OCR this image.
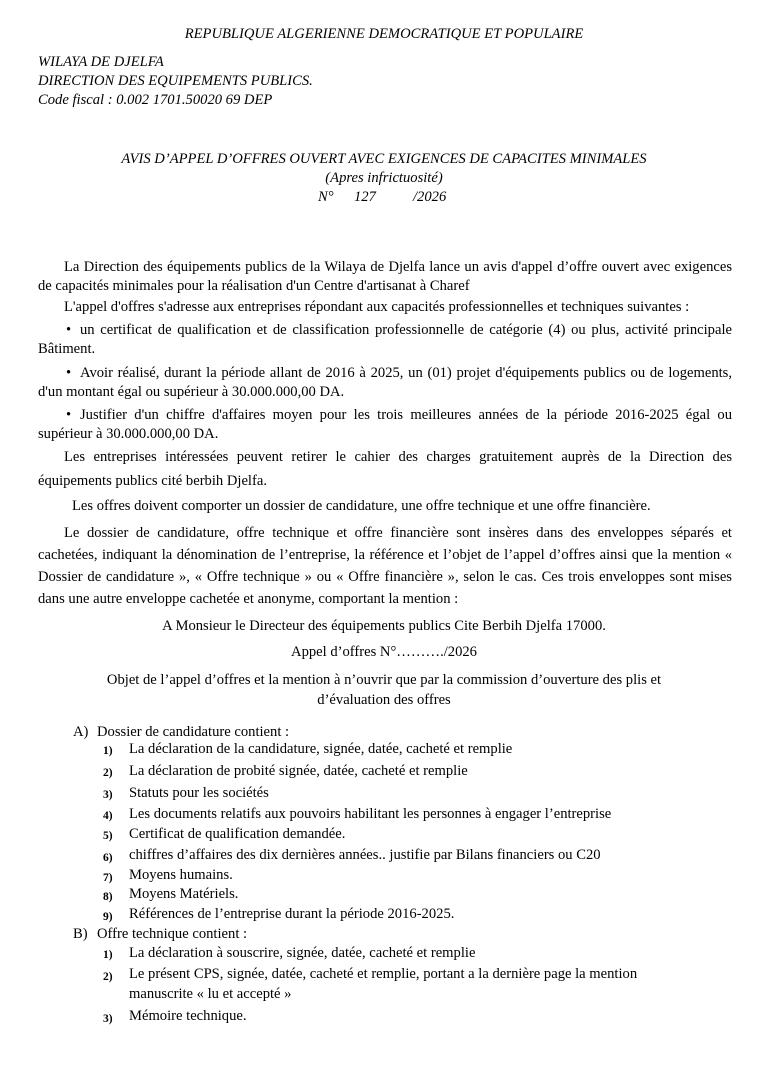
REPUBLIQUE ALGERIENNE DEMOCRATIQUE ET POPULAIRE
WILAYA DE DJELFA
DIRECTION DES EQUIPEMENTS PUBLICS.
Code fiscal : 0.002 1701.50020 69 DEP
AVIS D’APPEL D’OFFRES OUVERT AVEC EXIGENCES DE CAPACITES MINIMALES
(Apres infrictuosité)
N° 127	/2026
La Direction des équipements publics de la Wilaya de Djelfa lance un avis d'appel d’offre ouvert avec exigences de capacités minimales pour la réalisation d'un Centre d'artisanat à Charef
L'appel d'offres s'adresse aux entreprises répondant aux capacités professionnelles et techniques suivantes :
• un certificat de qualification et de classification professionnelle de catégorie (4) ou plus, activité principale Bâtiment.
• Avoir réalisé, durant la période allant de 2016 à 2025, un (01) projet d'équipements publics ou de logements, d'un montant égal ou supérieur à 30.000.000,00 DA.
• Justifier d'un chiffre d'affaires moyen pour les trois meilleures années de la période 2016-2025 égal ou supérieur à 30.000.000,00 DA.
Les entreprises intéressées peuvent retirer le cahier des charges gratuitement auprès de la Direction des équipements publics cité berbih Djelfa.
Les offres doivent comporter un dossier de candidature, une offre technique et une offre financière.
Le dossier de candidature, offre technique et offre financière sont insères dans des enveloppes séparés et cachetées, indiquant la dénomination de l’entreprise, la référence et l’objet de l’appel d’offres ainsi que la mention « Dossier de candidature », « Offre technique » ou « Offre financière », selon le cas. Ces trois enveloppes sont mises dans une autre enveloppe cachetée et anonyme, comportant la mention :
A Monsieur le Directeur des équipements publics Cite Berbih Djelfa 17000.
Appel d’offres N°………./2026
Objet de l’appel d’offres et la mention à n’ouvrir que par la commission d’ouverture des plis et
d’évaluation des offres
A) Dossier de candidature contient :
1) La déclaration de la candidature, signée, datée, cacheté et remplie
2) La déclaration de probité signée, datée, cacheté et remplie
3) Statuts pour les sociétés
4) Les documents relatifs aux pouvoirs habilitant les personnes à engager l’entreprise
5) Certificat de qualification demandée.
6) chiffres d’affaires des dix dernières années.. justifie par Bilans financiers ou C20
7) Moyens humains.
8) Moyens Matériels.
9) Références de l’entreprise durant la période 2016-2025.
B) Offre technique contient :
1) La déclaration à souscrire, signée, datée, cacheté et remplie
2) Le présent CPS, signée, datée, cacheté et remplie, portant a la dernière page la mention
manuscrite « lu et accepté »
3) Mémoire technique.
